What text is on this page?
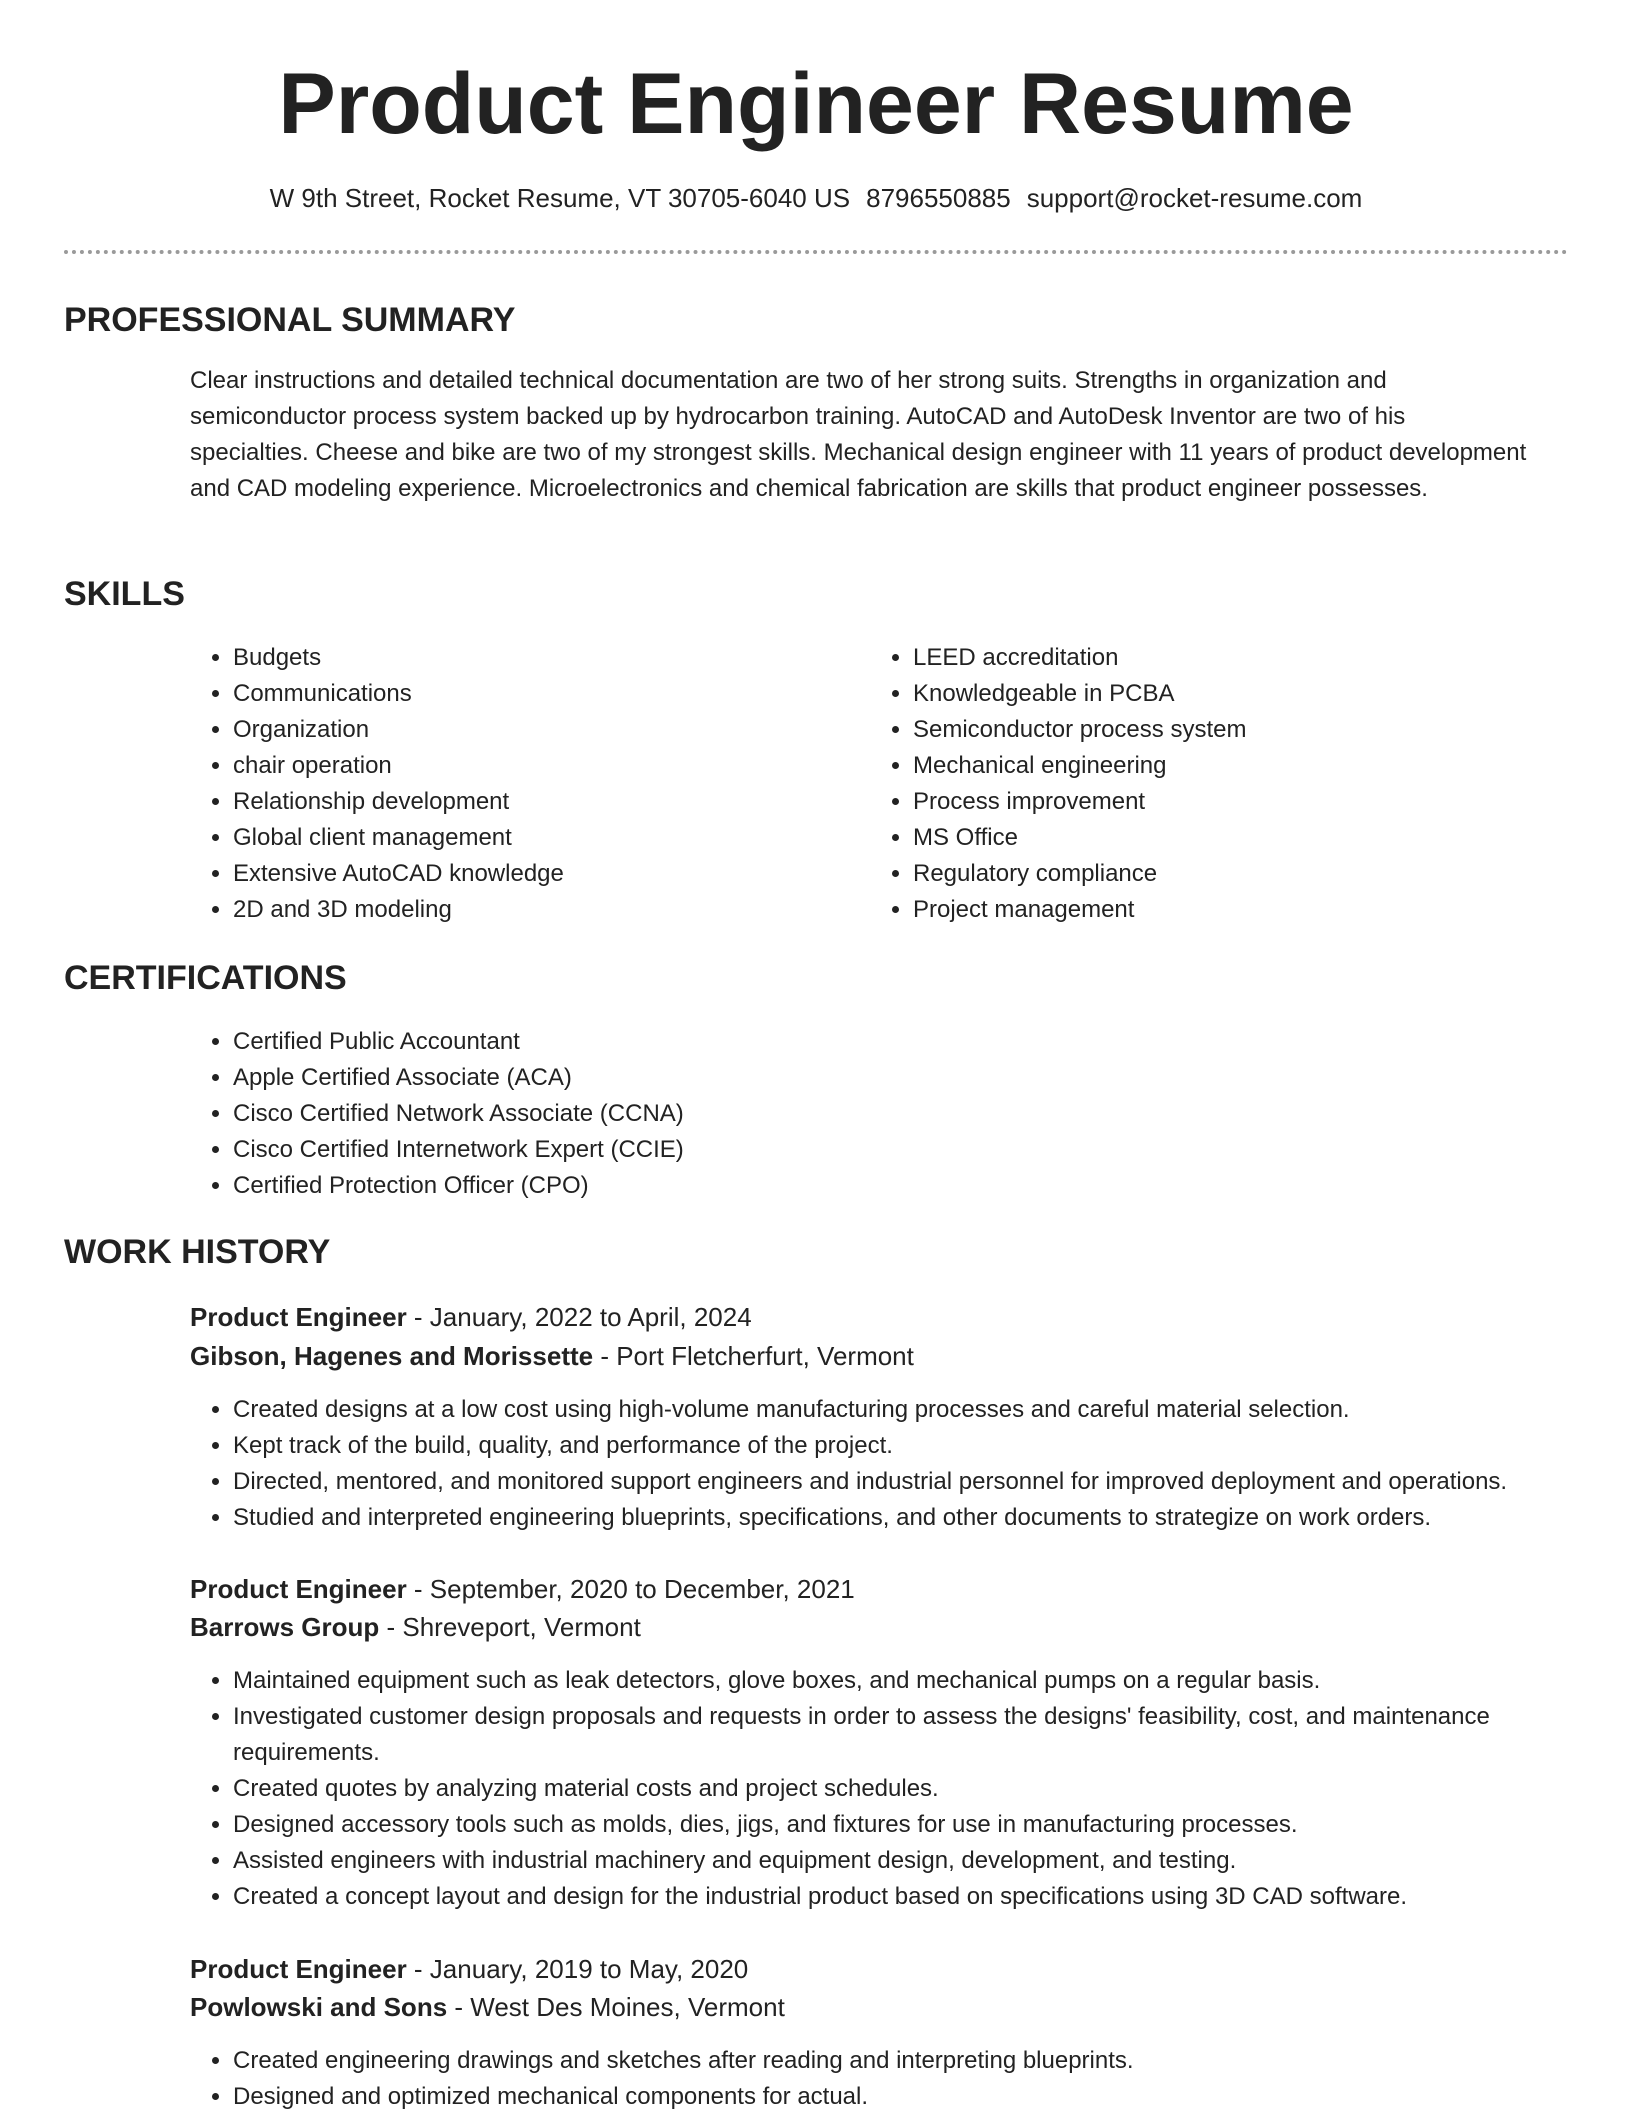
Product Engineer Resume
W 9th Street, Rocket Resume, VT 30705-6040 US 8796550885 support@rocket-resume.com
PROFESSIONAL SUMMARY
Clear instructions and detailed technical documentation are two of her strong suits. Strengths in organization and semiconductor process system backed up by hydrocarbon training. AutoCAD and AutoDesk Inventor are two of his specialties. Cheese and bike are two of my strongest skills. Mechanical design engineer with 11 years of product development and CAD modeling experience. Microelectronics and chemical fabrication are skills that product engineer possesses.
SKILLS
• Budgets
• Communications
• Organization
• chair operation
• Relationship development
• Global client management
• Extensive AutoCAD knowledge
• 2D and 3D modeling
• LEED accreditation
• Knowledgeable in PCBA
• Semiconductor process system
• Mechanical engineering
• Process improvement
• MS Office
• Regulatory compliance
• Project management
CERTIFICATIONS
• Certified Public Accountant
• Apple Certified Associate (ACA)
• Cisco Certified Network Associate (CCNA)
• Cisco Certified Internetwork Expert (CCIE)
• Certified Protection Officer (CPO)
WORK HISTORY
Product Engineer - January, 2022 to April, 2024
Gibson, Hagenes and Morissette - Port Fletcherfurt, Vermont
• Created designs at a low cost using high-volume manufacturing processes and careful material selection.
• Kept track of the build, quality, and performance of the project.
• Directed, mentored, and monitored support engineers and industrial personnel for improved deployment and operations.
• Studied and interpreted engineering blueprints, specifications, and other documents to strategize on work orders.
Product Engineer - September, 2020 to December, 2021
Barrows Group - Shreveport, Vermont
• Maintained equipment such as leak detectors, glove boxes, and mechanical pumps on a regular basis.
• Investigated customer design proposals and requests in order to assess the designs' feasibility, cost, and maintenance requirements.
• Created quotes by analyzing material costs and project schedules.
• Designed accessory tools such as molds, dies, jigs, and fixtures for use in manufacturing processes.
• Assisted engineers with industrial machinery and equipment design, development, and testing.
• Created a concept layout and design for the industrial product based on specifications using 3D CAD software.
Product Engineer - January, 2019 to May, 2020
Powlowski and Sons - West Des Moines, Vermont
• Created engineering drawings and sketches after reading and interpreting blueprints.
• Designed and optimized mechanical components for actual.
